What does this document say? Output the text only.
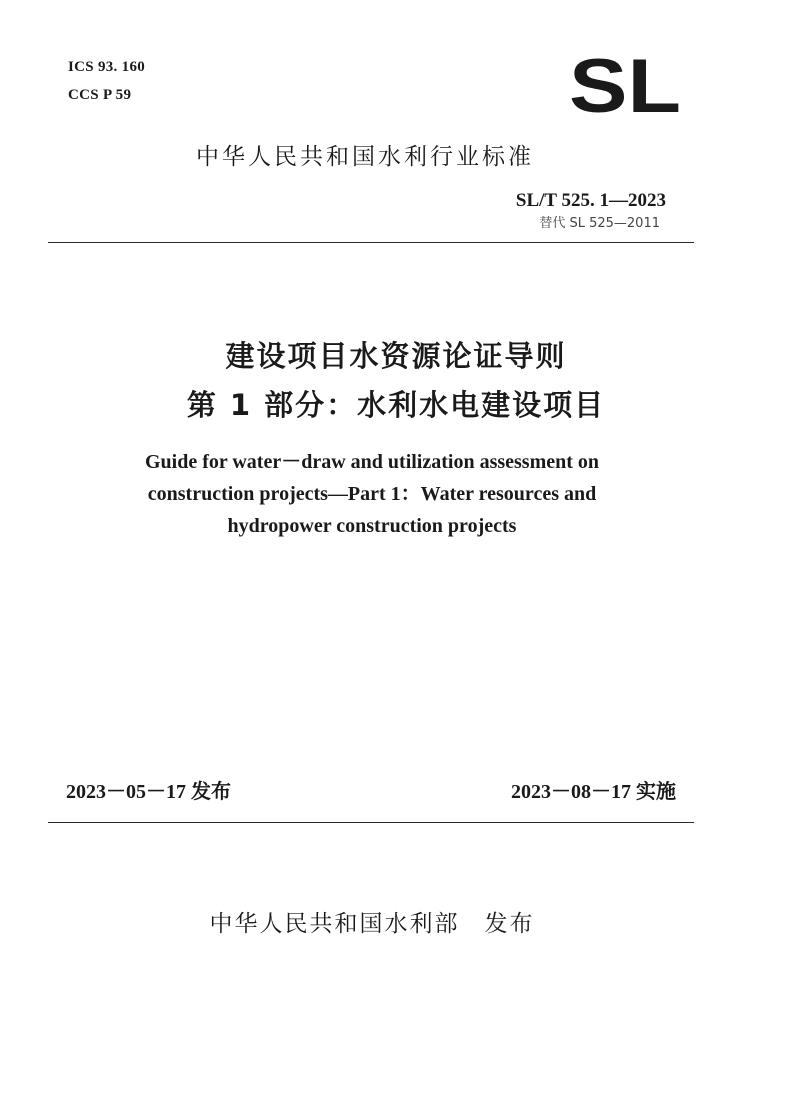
ICS 93. 160
CCS P 59	SL
中华人民共和国水利行业标准
SL/T 525. 1—2023
替代 SL 525—2011
建设项目水资源论证导则
第 1 部分：水利水电建设项目
Guide for water－draw and utilization assessment on
construction projects—Part 1：Water resources and
hydropower construction projects
2023－05－17 发布	2023－08－17 实施
中华人民共和国水利部　发布
